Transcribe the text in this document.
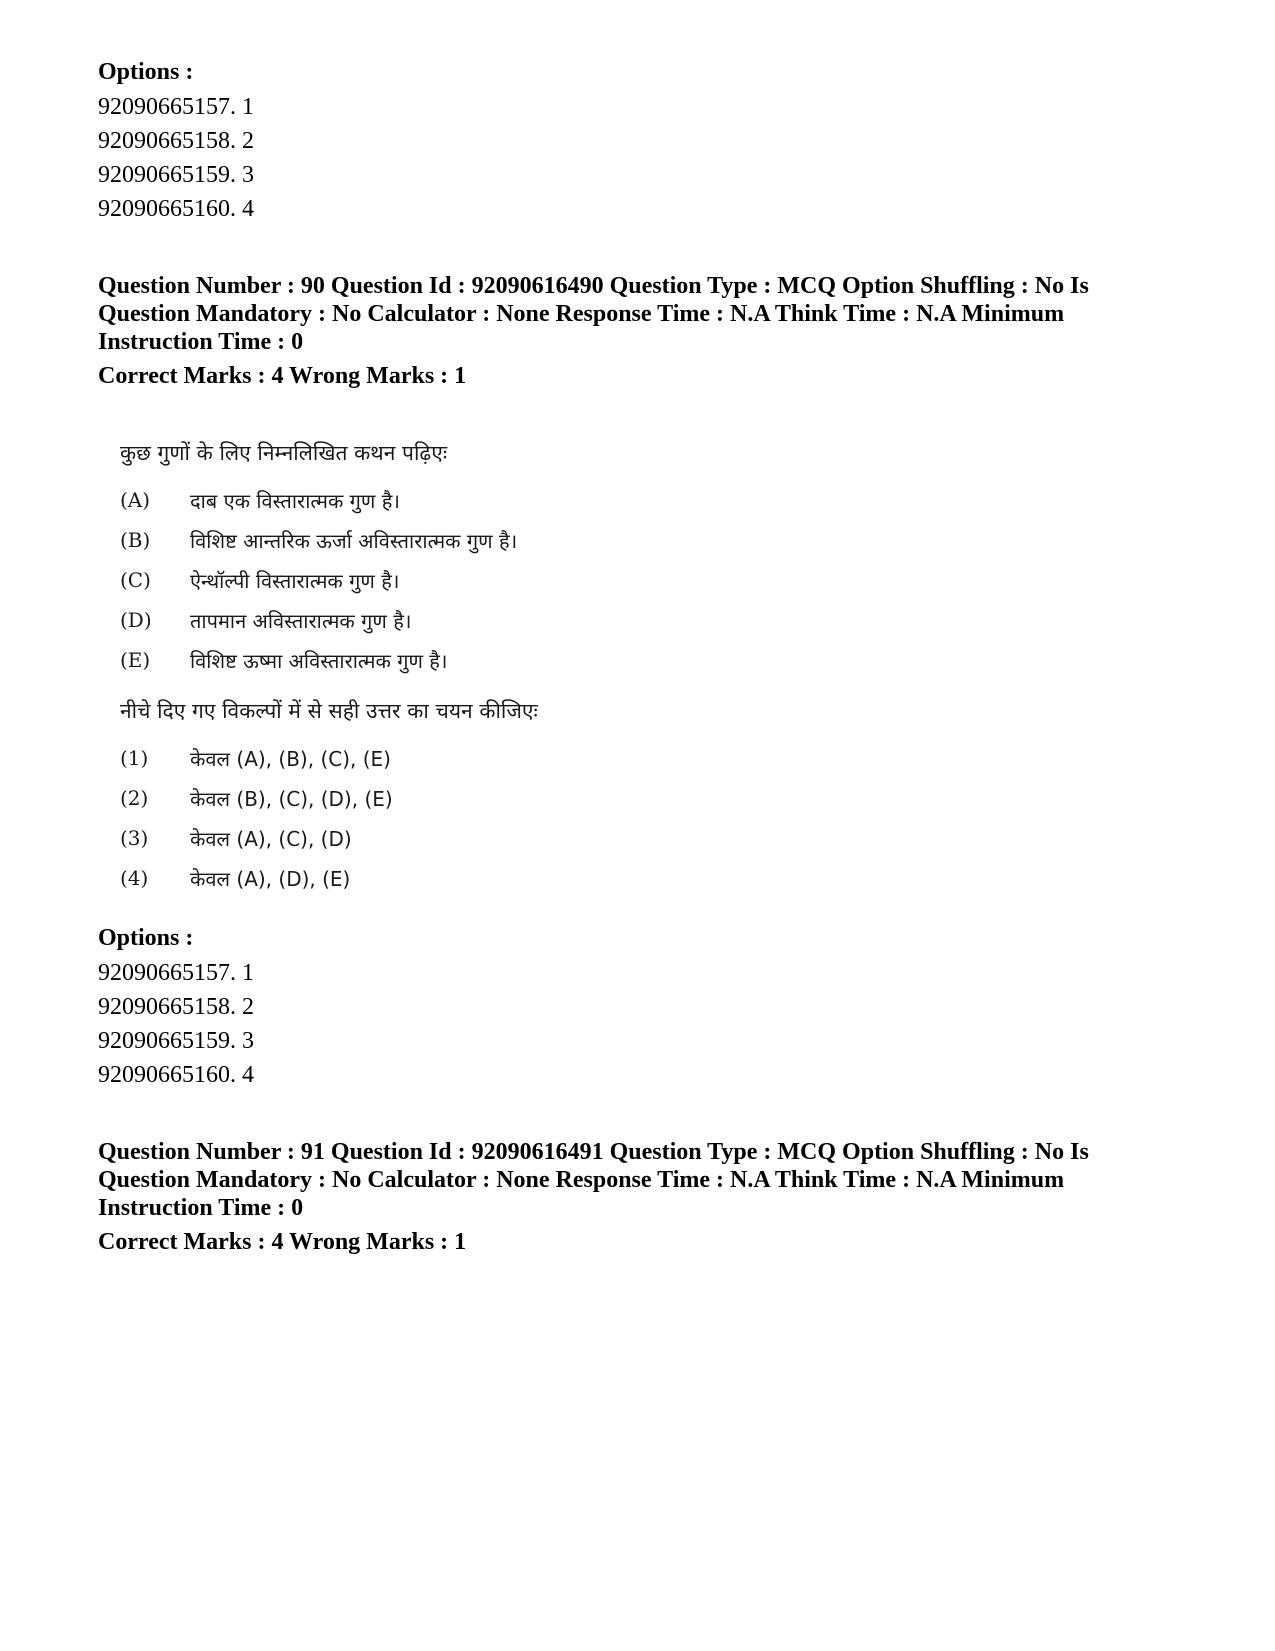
Options :
92090665157. 1
92090665158. 2
92090665159. 3
92090665160. 4
Question Number : 90 Question Id : 92090616490 Question Type : MCQ Option Shuffling : No Is
Question Mandatory : No Calculator : None Response Time : N.A Think Time : N.A Minimum
Instruction Time : 0
Correct Marks : 4 Wrong Marks : 1
कुछ गुणों के लिए निम्नलिखित कथन पढ़िएः
(A)	दाब एक विस्तारात्मक गुण है।
(B)	विशिष्ट आन्तरिक ऊर्जा अविस्तारात्मक गुण है।
(C)	ऐन्थॉल्पी विस्तारात्मक गुण है।
(D)	तापमान अविस्तारात्मक गुण है।
(E)	विशिष्ट ऊष्मा अविस्तारात्मक गुण है।
नीचे दिए गए विकल्पों में से सही उत्तर का चयन कीजिएः
(1)	केवल (A), (B), (C), (E)
(2)	केवल (B), (C), (D), (E)
(3)	केवल (A), (C), (D)
(4)	केवल (A), (D), (E)
Options :
92090665157. 1
92090665158. 2
92090665159. 3
92090665160. 4
Question Number : 91 Question Id : 92090616491 Question Type : MCQ Option Shuffling : No Is
Question Mandatory : No Calculator : None Response Time : N.A Think Time : N.A Minimum
Instruction Time : 0
Correct Marks : 4 Wrong Marks : 1
